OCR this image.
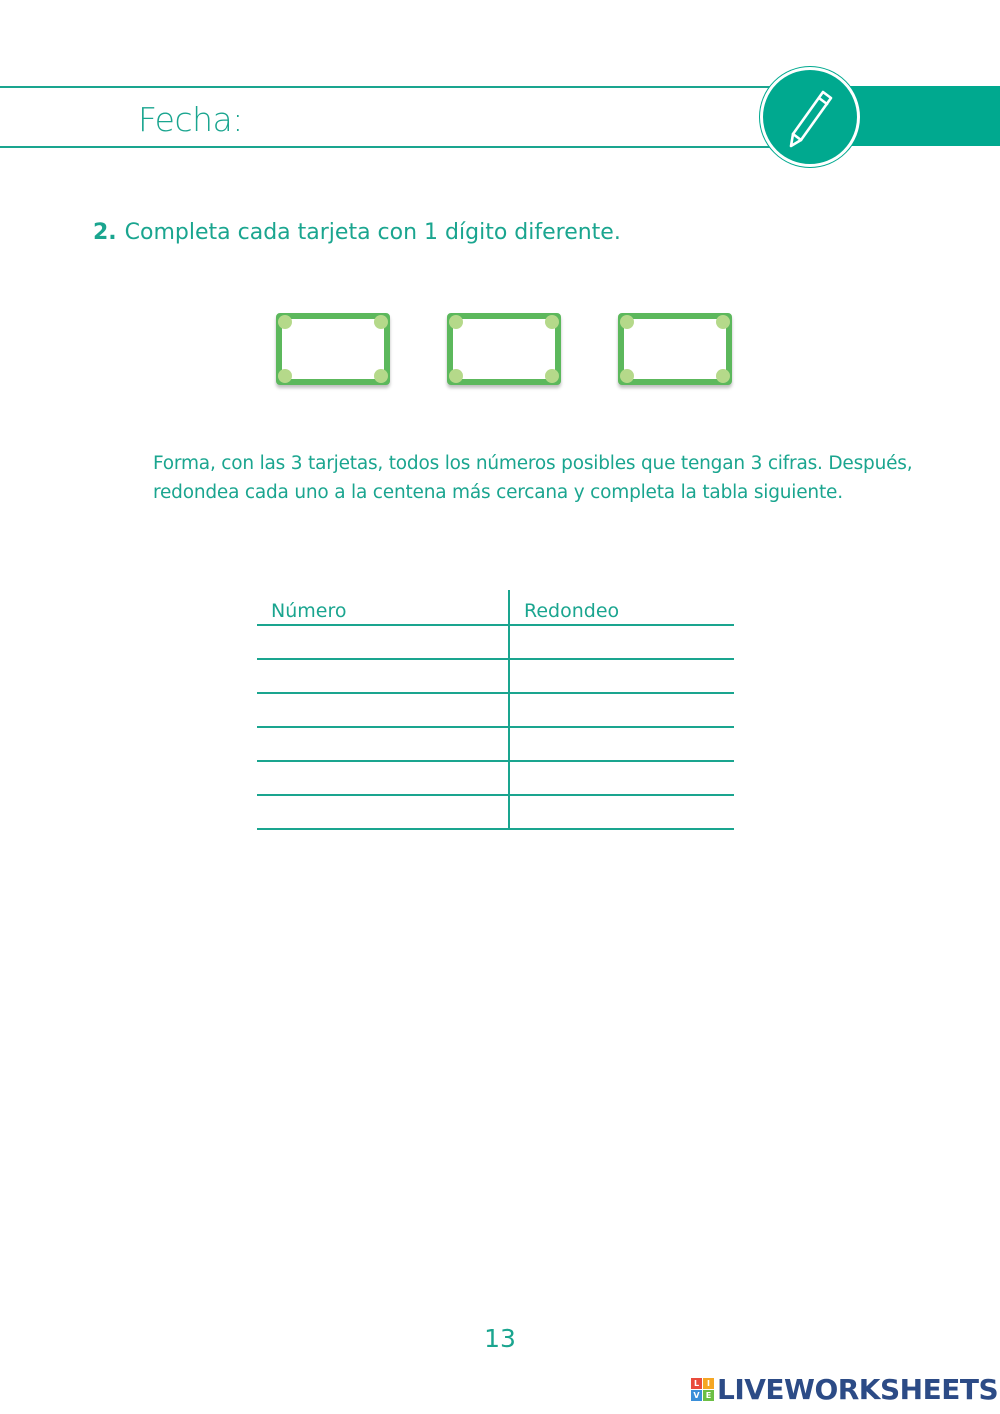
Fecha:
2. Completa cada tarjeta con 1 dígito diferente.

Forma, con las 3 tarjetas, todos los números posibles que tengan 3 cifras. Después,

redondea cada uno a la centena más cercana y completa la tabla siguiente.

Número	Redondeo

13
L I
V E LIVEWORKSHEETS
